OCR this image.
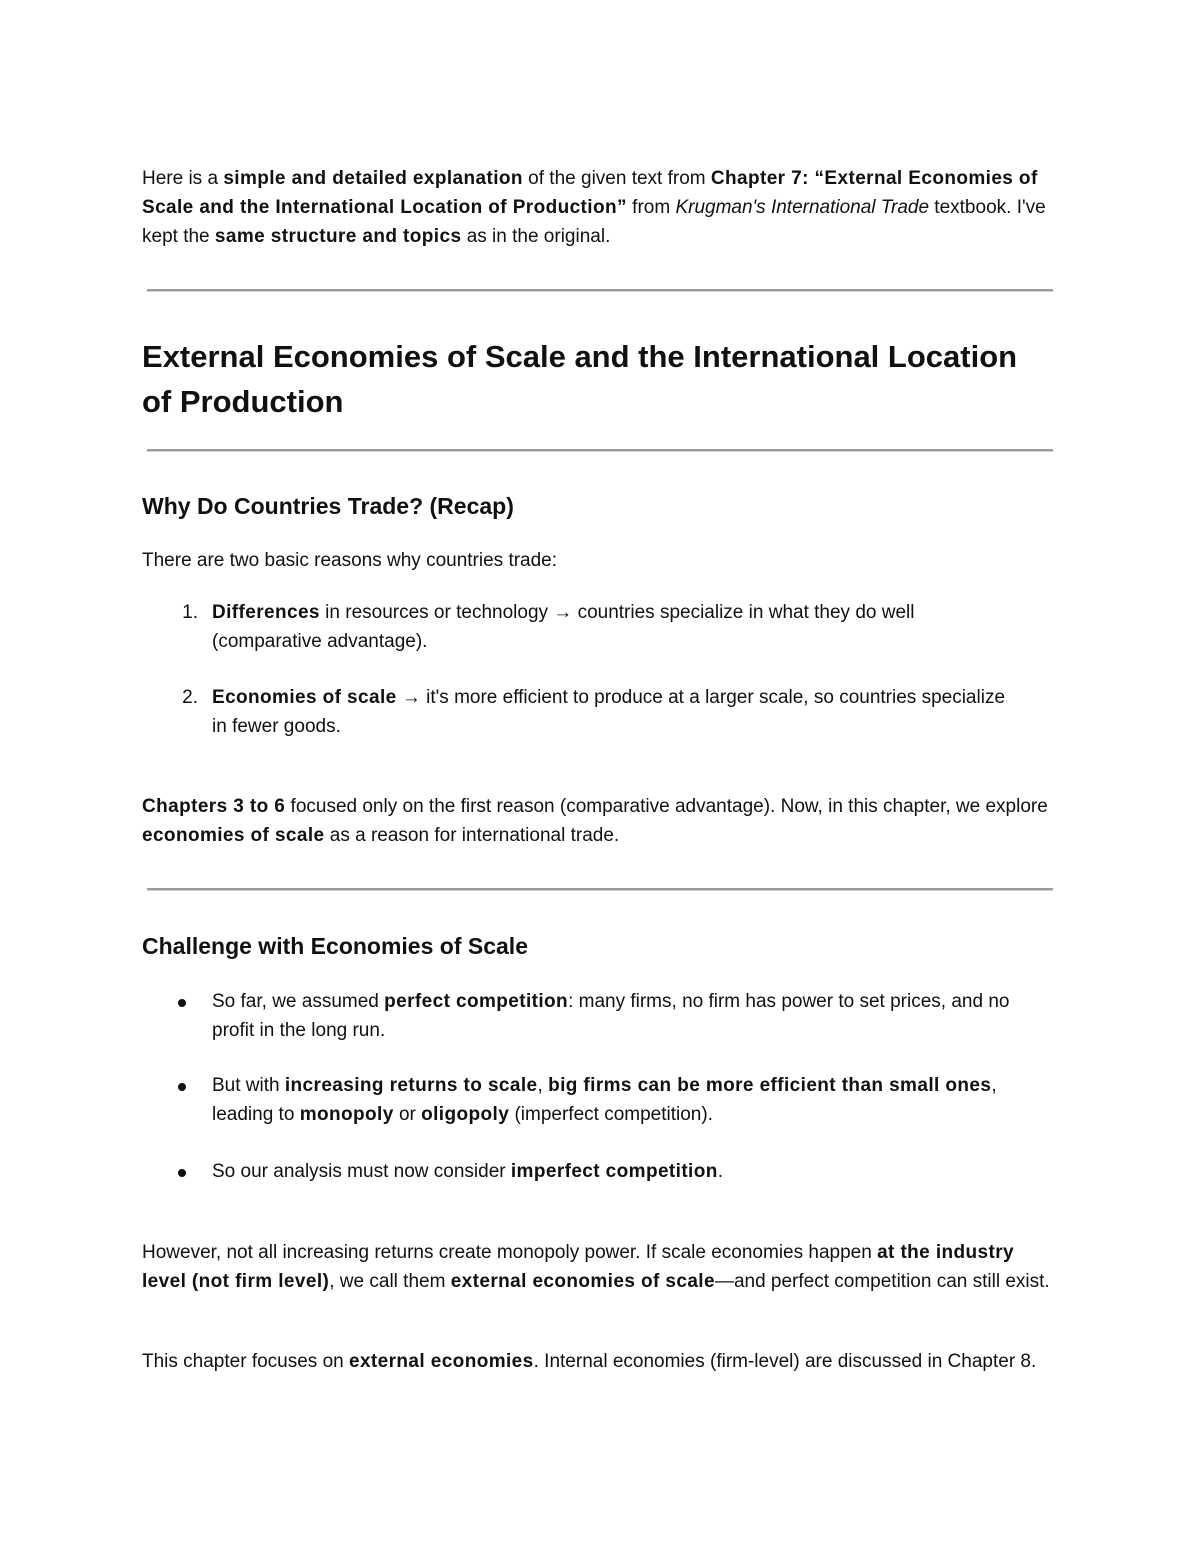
Here is a simple and detailed explanation of the given text from Chapter 7: “External Economies of Scale and the International Location of Production” from Krugman's International Trade textbook. I've kept the same structure and topics as in the original.

External Economies of Scale and the International Location of Production
Why Do Countries Trade? (Recap)

There are two basic reasons why countries trade:

1. Differences in resources or technology → countries specialize in what they do well (comparative advantage).
2. Economies of scale → it's more efficient to produce at a larger scale, so countries specialize in fewer goods.

Chapters 3 to 6 focused only on the first reason (comparative advantage). Now, in this chapter, we explore economies of scale as a reason for international trade.

Challenge with Economies of Scale
So far, we assumed perfect competition: many firms, no firm has power to set prices, and no profit in the long run.
But with increasing returns to scale, big firms can be more efficient than small ones, leading to monopoly or oligopoly (imperfect competition).
So our analysis must now consider imperfect competition.

However, not all increasing returns create monopoly power. If scale economies happen at the industry level (not firm level), we call them external economies of scale—and perfect competition can still exist.

This chapter focuses on external economies. Internal economies (firm-level) are discussed in Chapter 8.
